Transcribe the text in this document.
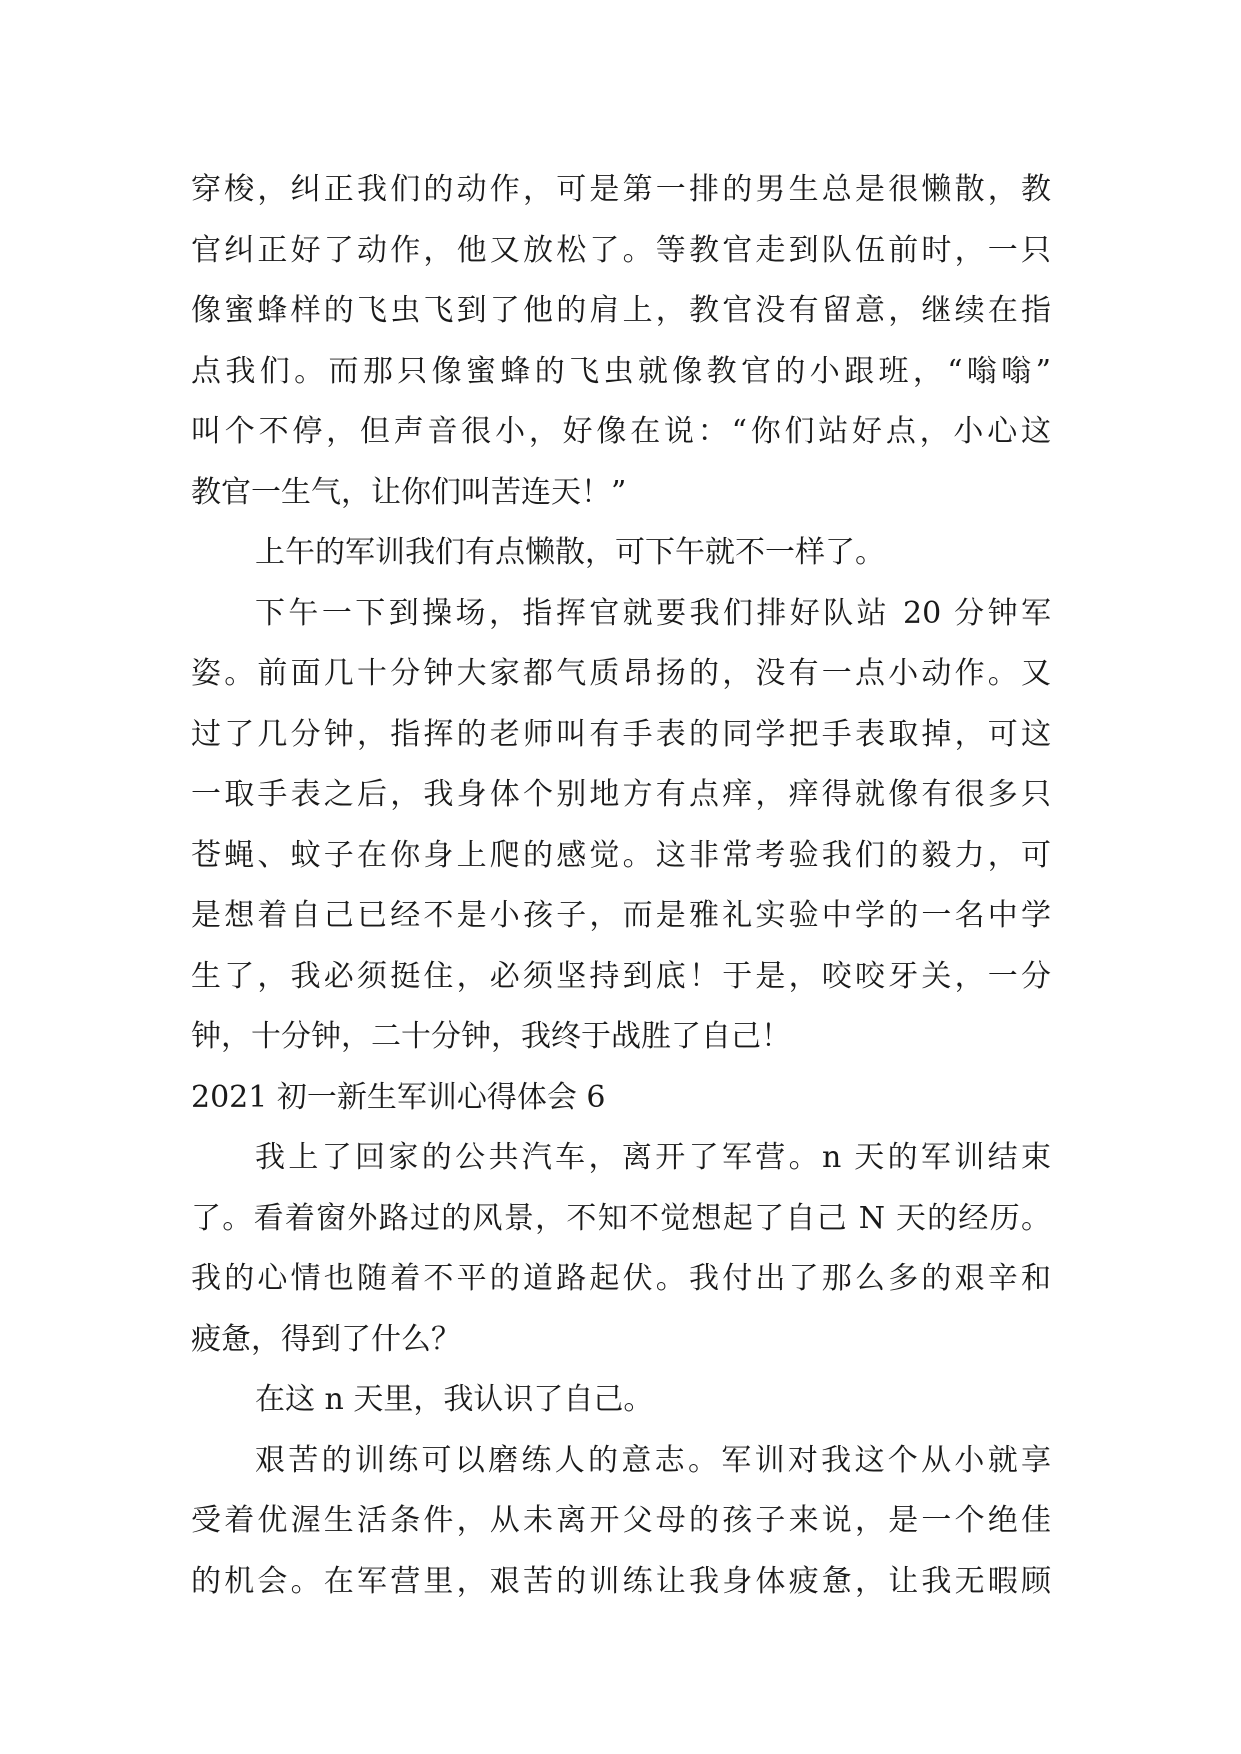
穿梭，纠正我们的动作，可是第一排的男生总是很懒散，教
官纠正好了动作，他又放松了。等教官走到队伍前时，一只
像蜜蜂样的飞虫飞到了他的肩上，教官没有留意，继续在指
点我们。而那只像蜜蜂的飞虫就像教官的小跟班，“嗡嗡”
叫个不停，但声音很小，好像在说：“你们站好点，小心这
教官一生气，让你们叫苦连天！”
上午的军训我们有点懒散，可下午就不一样了。
下午一下到操场，指挥官就要我们排好队站 20 分钟军
姿。前面几十分钟大家都气质昂扬的，没有一点小动作。又
过了几分钟，指挥的老师叫有手表的同学把手表取掉，可这
一取手表之后，我身体个别地方有点痒，痒得就像有很多只
苍蝇、蚊子在你身上爬的感觉。这非常考验我们的毅力，可
是想着自己已经不是小孩子，而是雅礼实验中学的一名中学
生了，我必须挺住，必须坚持到底！于是，咬咬牙关，一分
钟，十分钟，二十分钟，我终于战胜了自己！
2021 初一新生军训心得体会 6
我上了回家的公共汽车，离开了军营。n 天的军训结束
了。看着窗外路过的风景，不知不觉想起了自己 N 天的经历。
我的心情也随着不平的道路起伏。我付出了那么多的艰辛和
疲惫，得到了什么？
在这 n 天里，我认识了自己。
艰苦的训练可以磨练人的意志。军训对我这个从小就享
受着优渥生活条件，从未离开父母的孩子来说，是一个绝佳
的机会。在军营里，艰苦的训练让我身体疲惫，让我无暇顾
